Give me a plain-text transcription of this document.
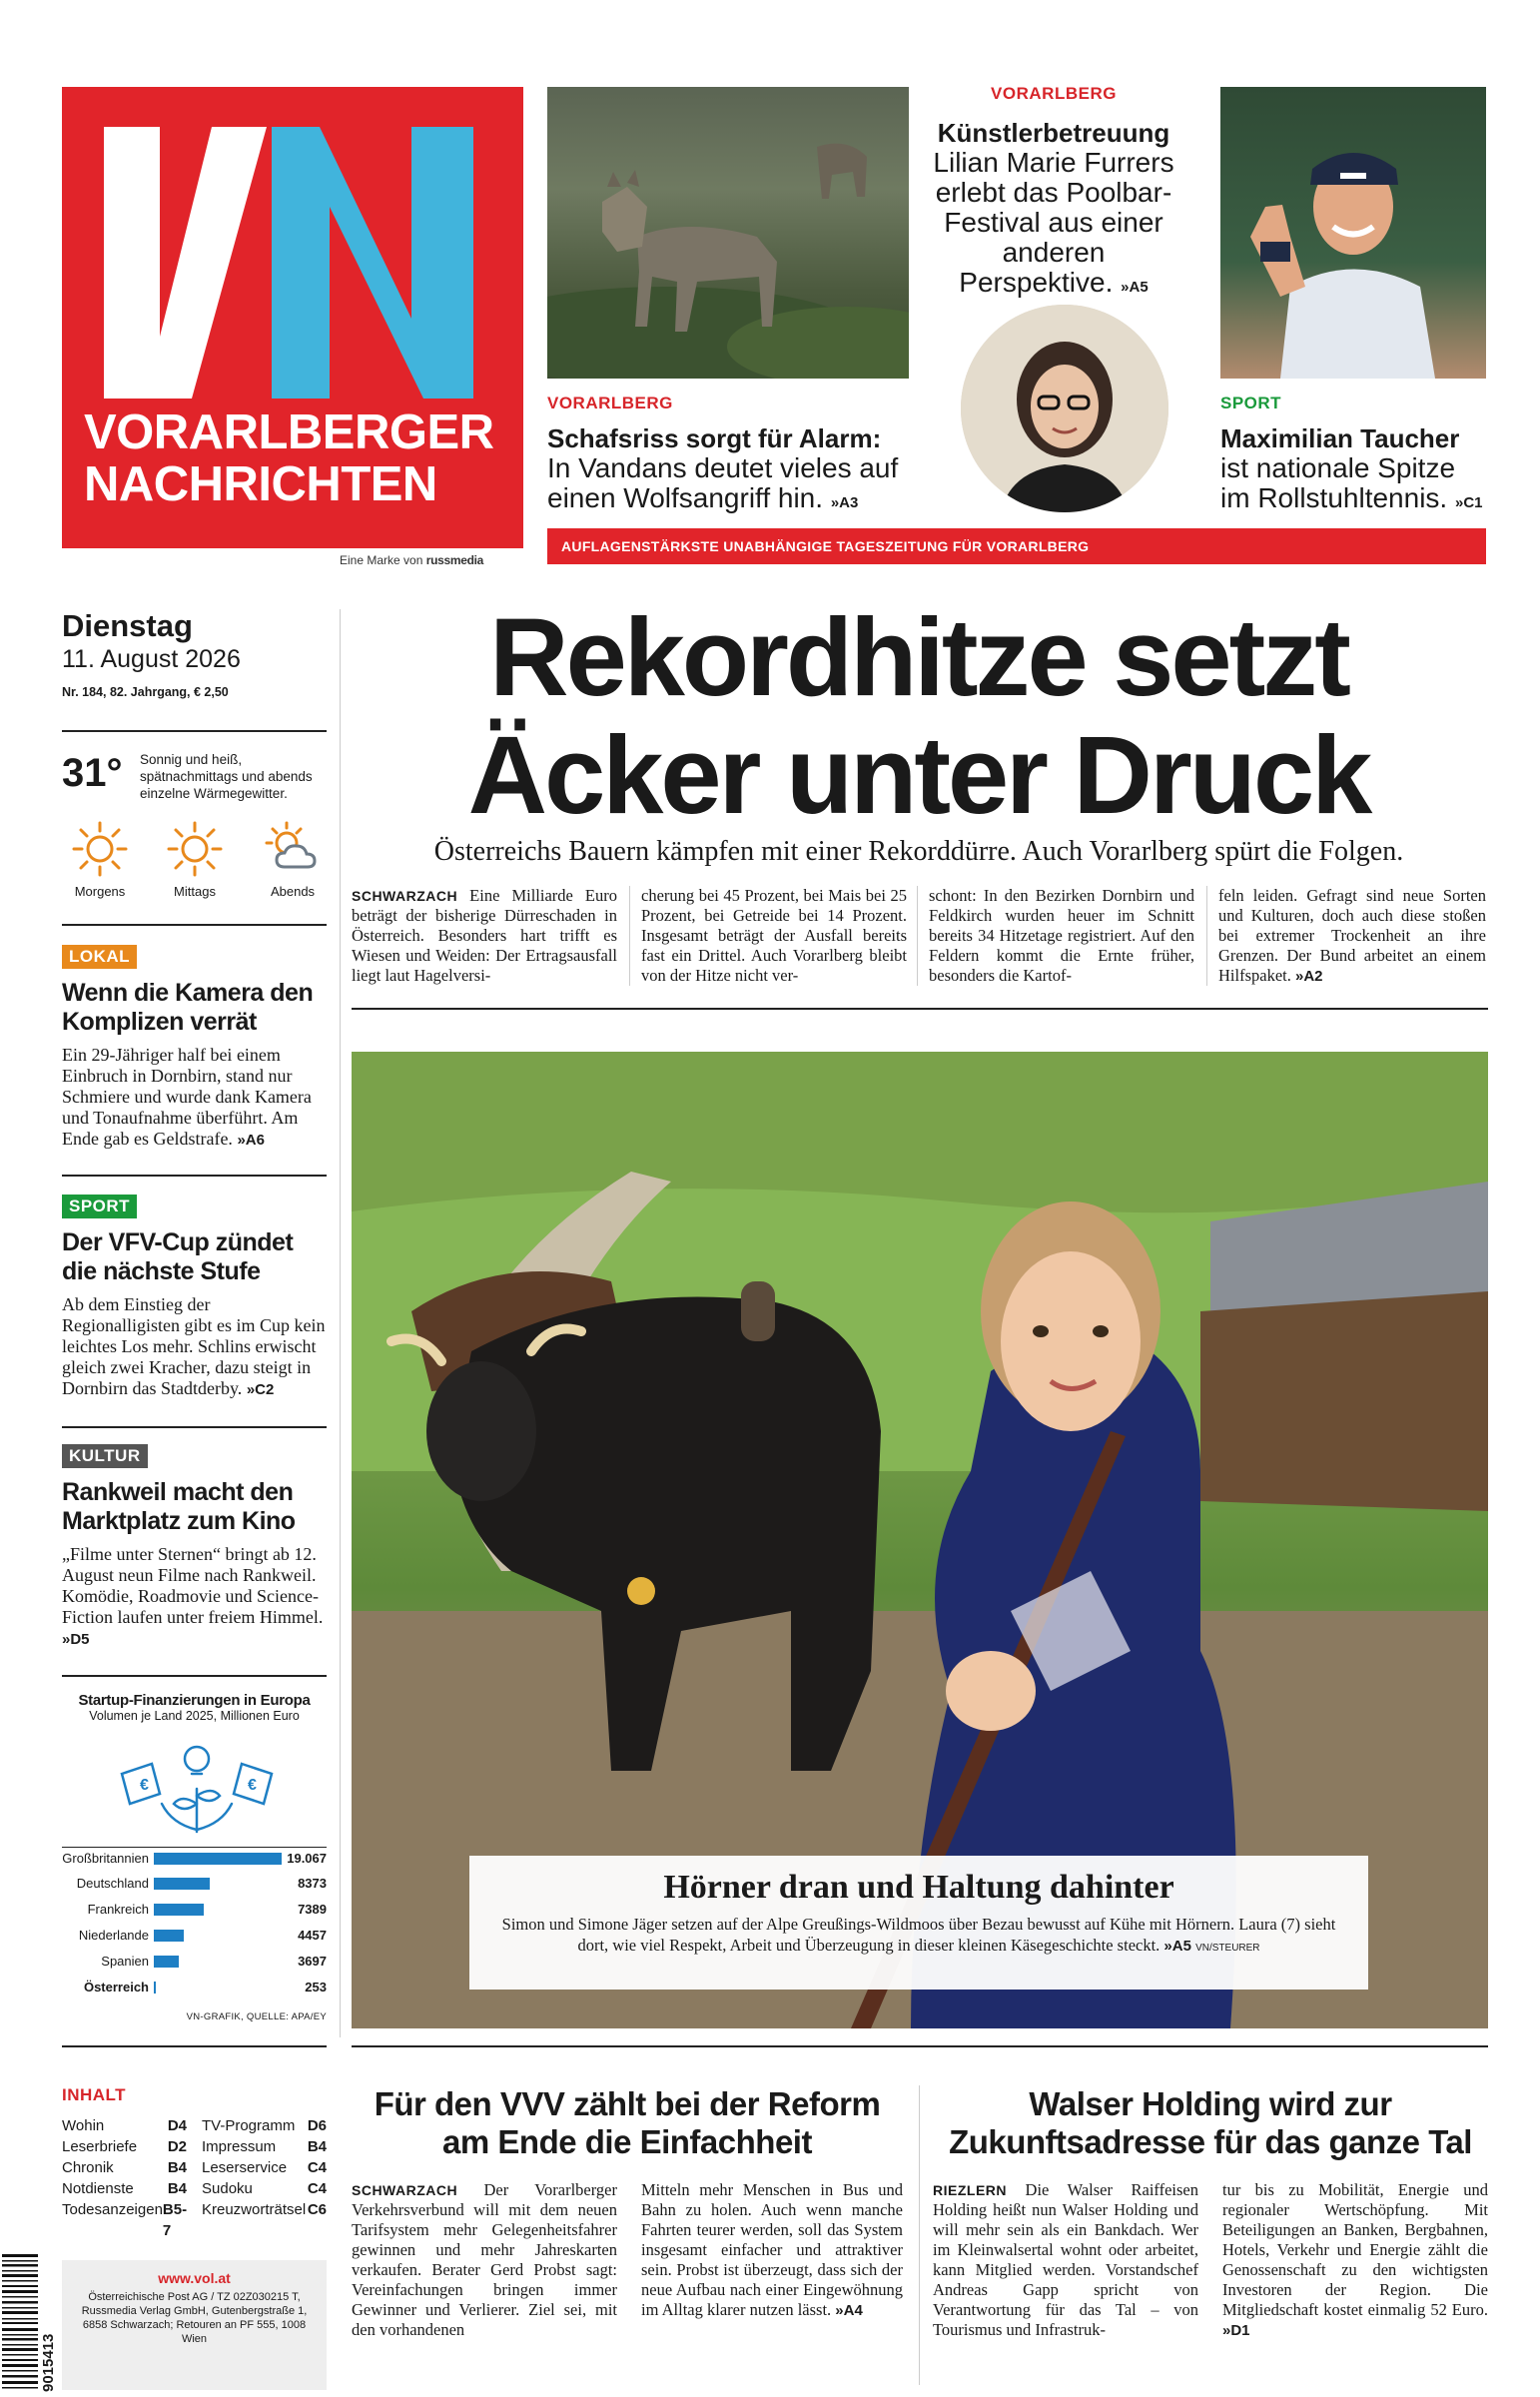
VORARLBERGER
NACHRICHTEN
Eine Marke von russmedia
VORARLBERG
Schafsriss sorgt für Alarm:
In Vandans deutet vieles auf einen Wolfsangriff hin. »A3
VORARLBERG
Künstlerbetreuung
Lilian Marie Furrers erlebt das Poolbar-Festival aus einer anderen Perspektive. »A5
SPORT
Maximilian Taucher
ist nationale Spitze im Rollstuhltennis. »C1
AUFLAGENSTÄRKSTE UNABHÄNGIGE TAGESZEITUNG FÜR VORARLBERG
Dienstag
11. August 2026
Nr. 184, 82. Jahrgang, € 2,50
31° Sonnig und heiß, spätnachmittags und abends einzelne Wärmegewitter.
Morgens	Mittags	Abends
LOKAL
Wenn die Kamera den Komplizen verrät
Ein 29-Jähriger half bei einem Einbruch in Dornbirn, stand nur Schmiere und wurde dank Kamera und Tonaufnahme überführt. Am Ende gab es Geldstrafe. »A6
SPORT
Der VFV-Cup zündet die nächste Stufe
Ab dem Einstieg der Regionalligisten gibt es im Cup kein leichtes Los mehr. Schlins erwischt gleich zwei Kracher, dazu steigt in Dornbirn das Stadtderby. »C2
KULTUR
Rankweil macht den Marktplatz zum Kino
„Filme unter Sternen“ bringt ab 12. August neun Filme nach Rankweil. Komödie, Roadmovie und Science-Fiction laufen unter freiem Himmel. »D5
Startup-Finanzierungen in Europa
Volumen je Land 2025, Millionen Euro
€	€
Großbritannien	19.067
Deutschland	8373
Frankreich	7389
Niederlande	4457
Spanien	3697
Österreich	253
VN-GRAFIK, QUELLE: APA/EY
INHALT
Wohin	D4
Leserbriefe D2
Chronik	B4
Notdienste B4
Todesanzeigen B5-7
TV-Programm D6
Impressum B4
Leserservice C4
Sudoku	C4
Kreuzworträtsel C6
9015413
www.vol.at
Österreichische Post AG / TZ 02Z030215 T, Russmedia Verlag GmbH, Gutenbergstraße 1, 6858 Schwarzach; Retouren an PF 555, 1008 Wien
Rekordhitze setzt
Äcker unter Druck
Österreichs Bauern kämpfen mit einer Rekorddürre. Auch Vorarlberg spürt die Folgen.
SCHWARZACH Eine Milliarde Euro beträgt der bisherige Dürreschaden in Österreich. Besonders hart trifft es Wiesen und Weiden: Der Ertragsausfall liegt laut Hagelversi-
cherung bei 45 Prozent, bei Mais bei 25 Prozent, bei Getreide bei 14 Prozent. Insgesamt beträgt der Ausfall bereits fast ein Drittel. Auch Vorarlberg bleibt von der Hitze nicht ver-
schont: In den Bezirken Dornbirn und Feldkirch wurden heuer im Schnitt bereits 34 Hitzetage registriert. Auf den Feldern kommt die Ernte früher, besonders die Kartof-
feln leiden. Gefragt sind neue Sorten und Kulturen, doch auch diese stoßen bei extremer Trockenheit an ihre Grenzen. Der Bund arbeitet an einem Hilfspaket. »A2
Hörner dran und Haltung dahinter
Simon und Simone Jäger setzen auf der Alpe Greußings-Wildmoos über Bezau bewusst auf Kühe mit Hörnern. Laura (7) sieht dort, wie viel Respekt, Arbeit und Überzeugung in dieser kleinen Käsegeschichte steckt. »A5 VN/STEURER
Für den VVV zählt bei der Reform am Ende die Einfachheit
SCHWARZACH Der Vorarlberger Verkehrsverbund will mit dem neuen Tarifsystem mehr Gelegenheitsfahrer gewinnen und mehr Jahreskarten verkaufen. Berater Gerd Probst sagt: Vereinfachungen bringen immer Gewinner und Verlierer. Ziel sei, mit den vorhandenen
Mitteln mehr Menschen in Bus und Bahn zu holen. Auch wenn manche Fahrten teurer werden, soll das System insgesamt einfacher und attraktiver sein. Probst ist überzeugt, dass sich der neue Aufbau nach einer Eingewöhnung im Alltag klarer nutzen lässt. »A4
Walser Holding wird zur Zukunftsadresse für das ganze Tal
RIEZLERN Die Walser Raiffeisen Holding heißt nun Walser Holding und will mehr sein als ein Bankdach. Wer im Kleinwalsertal wohnt oder arbeitet, kann Mitglied werden. Vorstandschef Andreas Gapp spricht von Verantwortung für das Tal – von Tourismus und Infrastruk-
tur bis zu Mobilität, Energie und regionaler Wertschöpfung. Mit Beteiligungen an Banken, Bergbahnen, Hotels, Verkehr und Energie zählt die Genossenschaft zu den wichtigsten Investoren der Region. Die Mitgliedschaft kostet einmalig 52 Euro. »D1
